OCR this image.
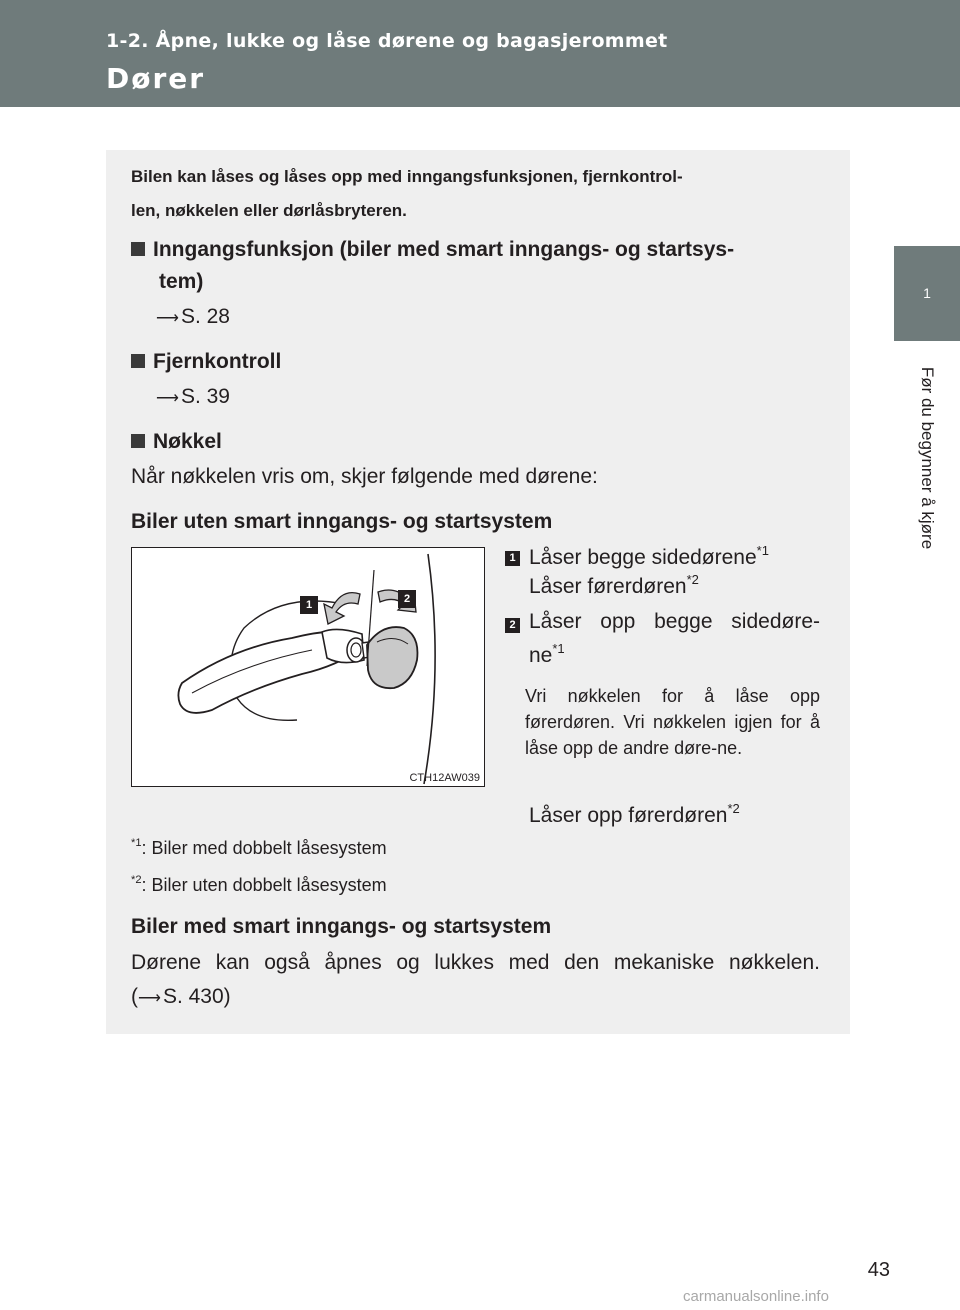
1-2. Åpne, lukke og låse dørene og bagasjerommet
Dører
1
Før du begynner å kjøre
Bilen kan låses og låses opp med inngangsfunksjonen, fjernkontrol-
len, nøkkelen eller dørlåsbryteren.
Inngangsfunksjon (biler med smart inngangs- og startsys-
tem)
⟶S. 28
Fjernkontroll
⟶S. 39
Nøkkel
Når nøkkelen vris om, skjer følgende med dørene:
Biler uten smart inngangs- og startsystem
1	2
CTH12AW039
1 Låser begge sidedørene$^{*1}$
Låser førerdøren$^{*2}$
2 Låser opp begge sidedøre-
$ne^{*1}$
Vri nøkkelen for å låse opp førerdøren. Vri nøkkelen igjen for å låse opp de andre døre-ne.
Låser opp førerdøren$^{*2}$
$^{*1}$: Biler med dobbelt låsesystem
$^{*2}$: Biler uten dobbelt låsesystem
Biler med smart inngangs- og startsystem
Dørene kan også åpnes og lukkes med den mekaniske nøkkelen.
(⟶S. 430)
43
carmanualsonline.info
